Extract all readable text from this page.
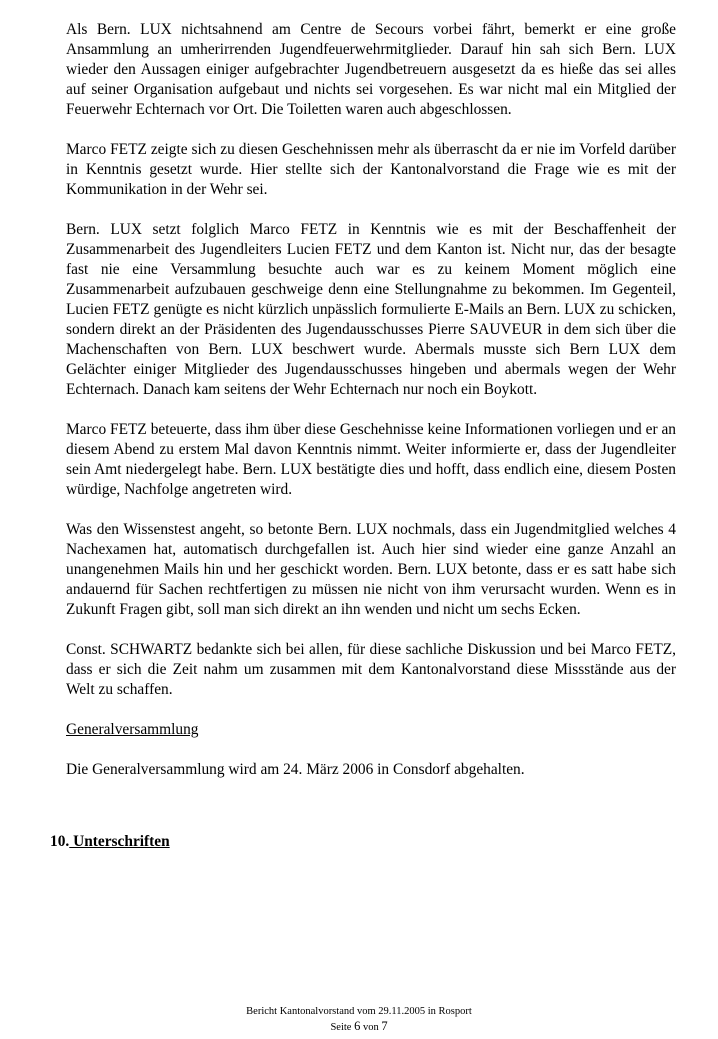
Als Bern. LUX nichtsahnend am Centre de Secours vorbei fährt, bemerkt er eine große Ansammlung an umherirrenden Jugendfeuerwehrmitglieder. Darauf hin sah sich Bern. LUX wieder den Aussagen einiger aufgebrachter Jugendbetreuern ausgesetzt da es hieße das sei alles auf seiner Organisation aufgebaut und nichts sei vorgesehen. Es war nicht mal ein Mitglied der Feuerwehr Echternach vor Ort. Die Toiletten waren auch abgeschlossen.

Marco FETZ zeigte sich zu diesen Geschehnissen mehr als überrascht da er nie im Vorfeld darüber in Kenntnis gesetzt wurde. Hier stellte sich der Kantonalvorstand die Frage wie es mit der Kommunikation in der Wehr sei.

Bern. LUX setzt folglich Marco FETZ in Kenntnis wie es mit der Beschaffenheit der Zusammenarbeit des Jugendleiters Lucien FETZ und dem Kanton ist. Nicht nur, das der besagte fast nie eine Versammlung besuchte auch war es zu keinem Moment möglich eine Zusammenarbeit aufzubauen geschweige denn eine Stellungnahme zu bekommen. Im Gegenteil, Lucien FETZ genügte es nicht kürzlich unpässlich formulierte E-Mails an Bern. LUX zu schicken, sondern direkt an der Präsidenten des Jugendausschusses Pierre SAUVEUR in dem sich über die Machenschaften von Bern. LUX beschwert wurde. Abermals musste sich Bern LUX dem Gelächter einiger Mitglieder des Jugendausschusses hingeben und abermals wegen der Wehr Echternach. Danach kam seitens der Wehr Echternach nur noch ein Boykott.

Marco FETZ beteuerte, dass ihm über diese Geschehnisse keine Informationen vorliegen und er an diesem Abend zu erstem Mal davon Kenntnis nimmt. Weiter informierte er, dass der Jugendleiter sein Amt niedergelegt habe. Bern. LUX bestätigte dies und hofft, dass endlich eine, diesem Posten würdige, Nachfolge angetreten wird.

Was den Wissenstest angeht, so betonte Bern. LUX nochmals, dass ein Jugendmitglied welches 4 Nachexamen hat, automatisch durchgefallen ist. Auch hier sind wieder eine ganze Anzahl an unangenehmen Mails hin und her geschickt worden. Bern. LUX betonte, dass er es satt habe sich andauernd für Sachen rechtfertigen zu müssen nie nicht von ihm verursacht wurden. Wenn es in Zukunft Fragen gibt, soll man sich direkt an ihn wenden und nicht um sechs Ecken.

Const. SCHWARTZ bedankte sich bei allen, für diese sachliche Diskussion und bei Marco FETZ, dass er sich die Zeit nahm um zusammen mit dem Kantonalvorstand diese Missstände aus der Welt zu schaffen.

Generalversammlung

Die Generalversammlung wird am 24. März 2006 in Consdorf abgehalten.

10. Unterschriften
Bericht Kantonalvorstand vom 29.11.2005 in Rosport
Seite 6 von 7
